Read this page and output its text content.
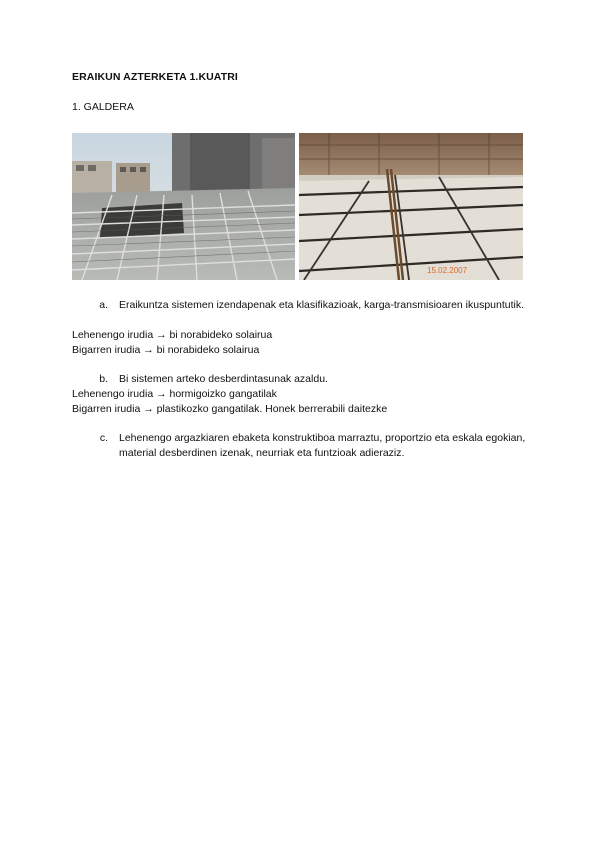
ERAIKUN AZTERKETA 1.KUATRI
1. GALDERA
15.02.2007
a.	Eraikuntza sistemen izendapenak eta klasifikazioak, karga-transmisioaren ikuspuntutik.
Lehenengo irudia → bi norabideko solairua
Bigarren irudia → bi norabideko solairua
b.	Bi sistemen arteko desberdintasunak azaldu.
Lehenengo irudia → hormigoizko gangatilak
Bigarren irudia → plastikozko gangatilak. Honek berrerabili daitezke
c.	Lehenengo argazkiaren ebaketa konstruktiboa marraztu, proportzio eta eskala egokian, material desberdinen izenak, neurriak eta funtzioak adieraziz.
